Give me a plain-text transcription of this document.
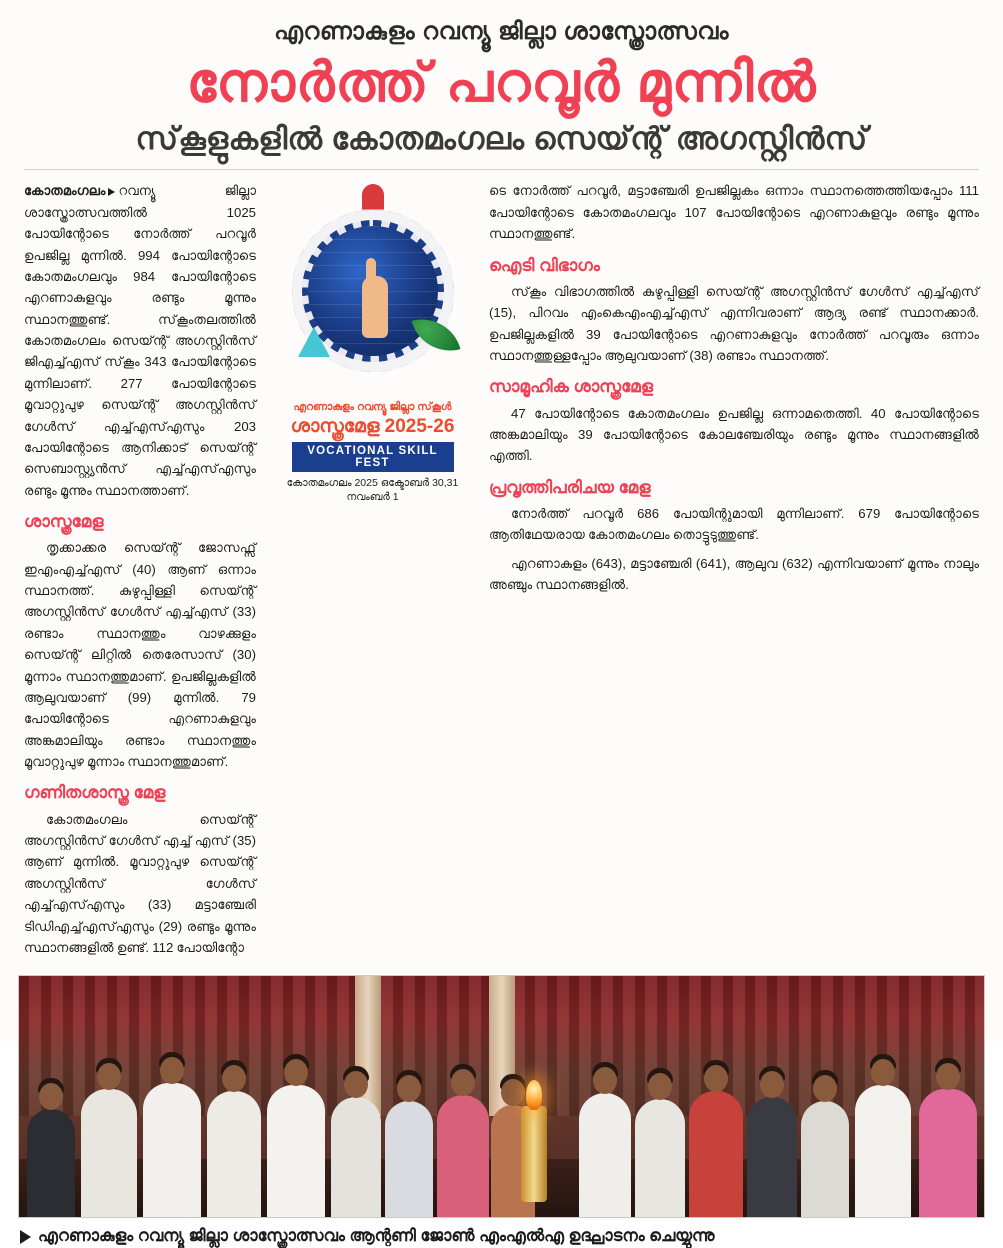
എറണാകുളം റവന്യൂ ജില്ലാ ശാസ്ത്രോത്സവം
നോർത്ത് പറവൂർ മുന്നിൽ
സ്‌കൂളുകളിൽ കോതമംഗലം സെയ്ന്റ് അഗസ്റ്റിൻസ്

കോതമംഗലം റവന്യൂ ജില്ലാ ശാസ്ത്രോത്സവത്തിൽ 1025 പോയിന്റോടെ നോർത്ത് പറവൂർ ഉപജില്ല മുന്നിൽ. 994 പോയിന്റോടെ കോതമംഗലവും 984 പോയിന്റോടെ എറണാകുളവും രണ്ടും മൂന്നും സ്ഥാനത്തുണ്ട്. സ്‌കൂംതലത്തിൽ കോതമംഗലം സെയ്ന്റ് അഗസ്റ്റിൻസ് ജിഎച്ച്എസ് സ്‌കൂം 343 പോയിന്റോടെ മുന്നിലാണ്. 277 പോയിന്റോടെ മൂവാറ്റുപുഴ സെയ്ന്റ് അഗസ്റ്റിൻസ് ഗേൾസ് എച്ച്എസ്എസും 203 പോയിന്റോടെ ആനിക്കാട് സെയ്ന്റ് സെബാസ്റ്റ്യൻസ് എച്ച്എസ്എസും രണ്ടും മൂന്നും സ്ഥാനത്താണ്.

ശാസ്ത്രമേള

തൃക്കാക്കര സെയ്ന്റ് ജോസഫ്സ് ഇഎംഎച്ച്എസ് (40) ആണ് ഒന്നാം സ്ഥാനത്ത്. കുഴുപ്പിള്ളി സെയ്ന്റ് അഗസ്റ്റിൻസ് ഗേൾസ് എച്ച്എസ് (33) രണ്ടാം സ്ഥാനത്തും വാഴക്കുളം സെയ്ന്റ് ലിറ്റിൽ തെരേസാസ് (30) മൂന്നാം സ്ഥാനത്തുമാണ്. ഉപജില്ലകളിൽ ആലുവയാണ് (99) മുന്നിൽ. 79 പോയിന്റോടെ എറണാകുളവും അങ്കമാലിയും രണ്ടാം സ്ഥാനത്തും മൂവാറ്റുപുഴ മൂന്നാം സ്ഥാനത്തുമാണ്.

ഗണിതശാസ്ത്ര മേള

കോതമംഗലം സെയ്ന്റ് അഗസ്റ്റിൻസ് ഗേൾസ് എച്ച് എസ് (35) ആണ് മുന്നിൽ. മൂവാറ്റുപുഴ സെയ്ന്റ് അഗസ്റ്റിൻസ് ഗേൾസ് എച്ച്എസ്എസും (33) മട്ടാഞ്ചേരി ടിഡിഎച്ച്എസ്എസും (29) രണ്ടും മൂന്നും സ്ഥാനങ്ങളിൽ ഉണ്ട്. 112 പോയിന്റോ

എറണാകുളം റവന്യൂ ജില്ലാ സ്‌കൂൾ
ശാസ്ത്രമേള 2025-26
VOCATIONAL SKILL FEST
കോതമംഗലം 2025 ഒക്ടോബർ 30,31 നവംബർ 1

ടെ നോർത്ത് പറവൂർ, മട്ടാഞ്ചേരി ഉപജില്ലകം ഒന്നാം സ്ഥാനത്തെത്തിയപ്പോം 111 പോയിന്റോടെ കോതമംഗലവും 107 പോയിന്റോടെ എറണാകുളവും രണ്ടും മൂന്നും സ്ഥാനത്തുണ്ട്.

ഐടി വിഭാഗം

സ്‌കൂം വിഭാഗത്തിൽ കുഴുപ്പിള്ളി സെയ്ന്റ് അഗസ്റ്റിൻസ് ഗേൾസ് എച്ച്എസ് (15), പിറവം എംകെഎംഎച്ച്എസ് എന്നിവരാണ് ആദ്യ രണ്ട് സ്ഥാനക്കാർ. ഉപജില്ലകളിൽ 39 പോയിന്റോടെ എറണാകുളവും നോർത്ത് പറവൂരും ഒന്നാം സ്ഥാനത്തുള്ളപ്പോം ആലുവയാണ് (38) രണ്ടാം സ്ഥാനത്ത്.

സാമൂഹിക ശാസ്ത്രമേള

47 പോയിന്റോടെ കോതമംഗലം ഉപജില്ല ഒന്നാമതെത്തി. 40 പോയിന്റോടെ അങ്കമാലിയും 39 പോയിന്റോടെ കോലഞ്ചേരിയും രണ്ടും മൂന്നും സ്ഥാനങ്ങളിൽ എത്തി.

പ്രവൃത്തിപരിചയ മേള

നോർത്ത് പറവൂർ 686 പോയിന്റുമായി മുന്നിലാണ്. 679 പോയിന്റോടെ ആതിഥേയരായ കോതമംഗലം തൊട്ടുടുത്തുണ്ട്.

എറണാകുളം (643), മട്ടാഞ്ചേരി (641), ആലുവ (632) എന്നിവയാണ് മൂന്നും നാലും അഞ്ചും സ്ഥാനങ്ങളിൽ.

എറണാകുളം റവന്യൂ ജില്ലാ ശാസ്ത്രോത്സവം ആന്റണി ജോൺ എംഎൽഎ ഉദ്ഘാടനം ചെയ്യുന്നു
